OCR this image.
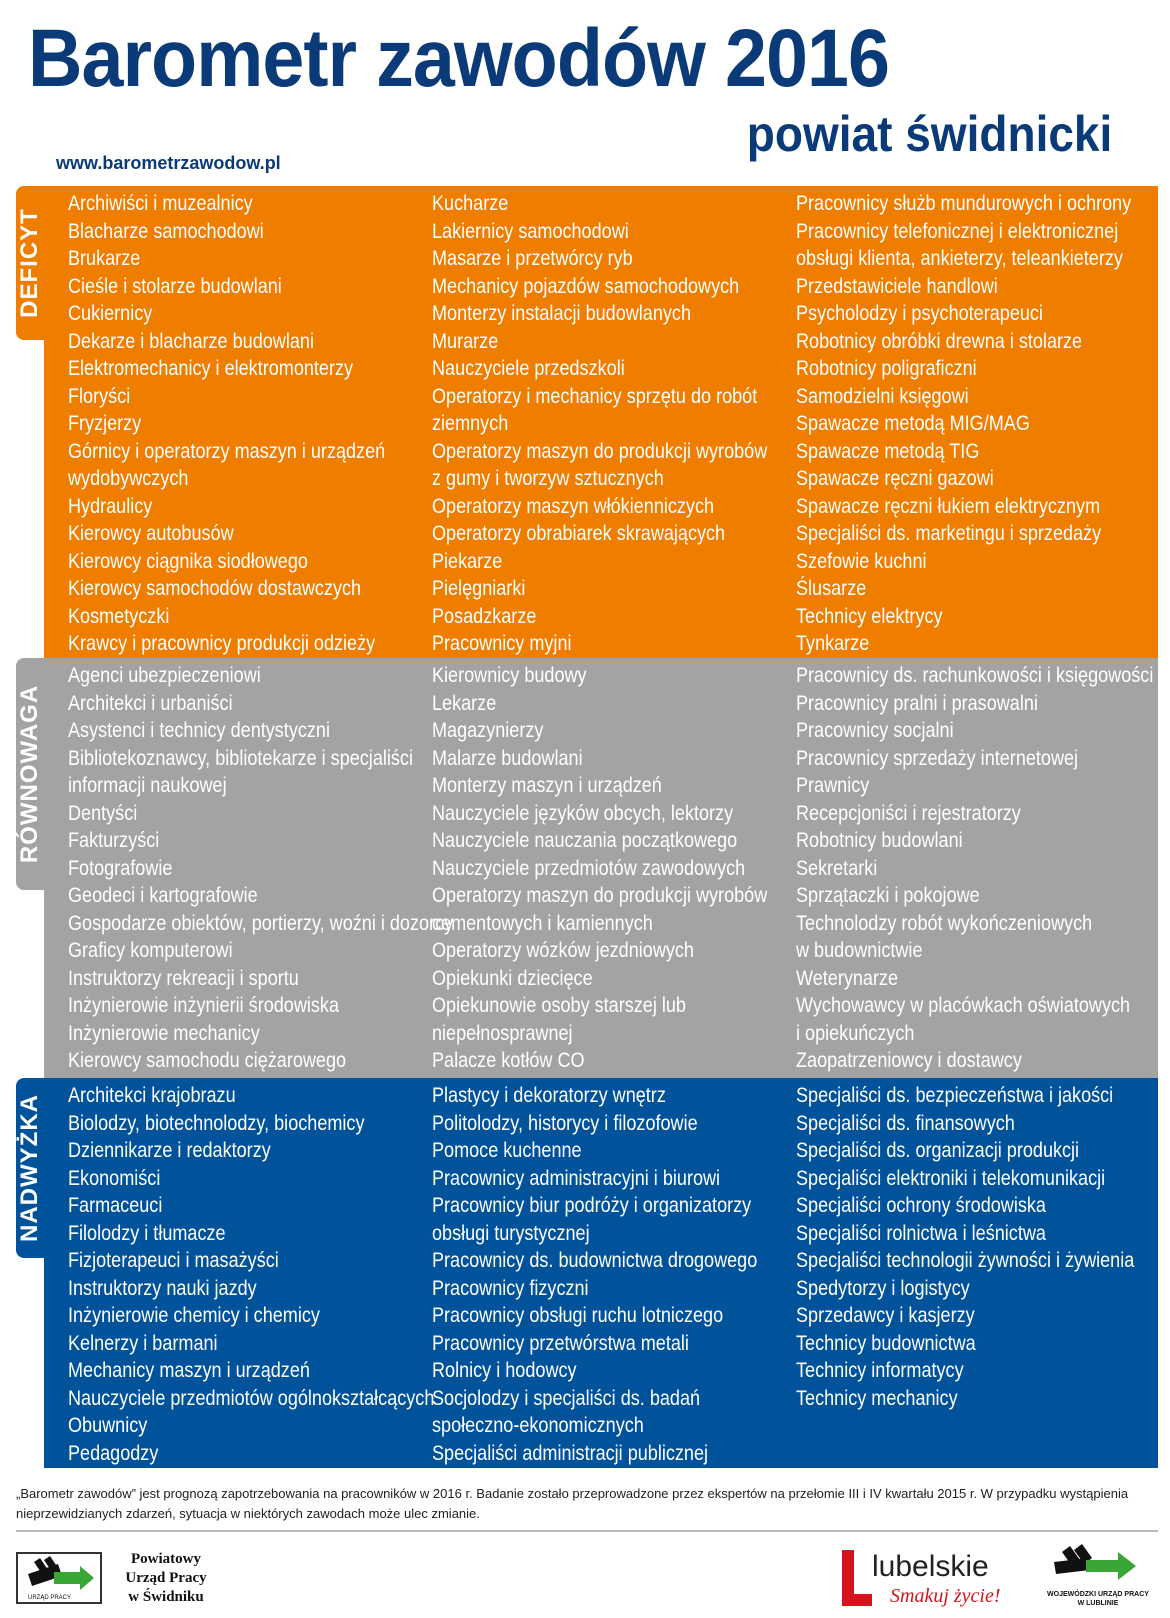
Barometr zawodów 2016
powiat świdnicki
www.barometrzawodow.pl
DEFICYT
RÓWNOWAGA
NADWYŻKA
Archiwiści i muzealnicy
Blacharze samochodowi
Brukarze
Cieśle i stolarze budowlani
Cukiernicy
Dekarze i blacharze budowlani
Elektromechanicy i elektromonterzy
Floryści
Fryzjerzy
Górnicy i operatorzy maszyn i urządzeń
wydobywczych
Hydraulicy
Kierowcy autobusów
Kierowcy ciągnika siodłowego
Kierowcy samochodów dostawczych
Kosmetyczki
Krawcy i pracownicy produkcji odzieży
Kucharze
Lakiernicy samochodowi
Masarze i przetwórcy ryb
Mechanicy pojazdów samochodowych
Monterzy instalacji budowlanych
Murarze
Nauczyciele przedszkoli
Operatorzy i mechanicy sprzętu do robót
ziemnych
Operatorzy maszyn do produkcji wyrobów
z gumy i tworzyw sztucznych
Operatorzy maszyn włókienniczych
Operatorzy obrabiarek skrawających
Piekarze
Pielęgniarki
Posadzkarze
Pracownicy myjni
Pracownicy służb mundurowych i ochrony
Pracownicy telefonicznej i elektronicznej
obsługi klienta, ankieterzy, teleankieterzy
Przedstawiciele handlowi
Psycholodzy i psychoterapeuci
Robotnicy obróbki drewna i stolarze
Robotnicy poligraficzni
Samodzielni księgowi
Spawacze metodą MIG/MAG
Spawacze metodą TIG
Spawacze ręczni gazowi
Spawacze ręczni łukiem elektrycznym
Specjaliści ds. marketingu i sprzedaży
Szefowie kuchni
Ślusarze
Technicy elektrycy
Tynkarze
Agenci ubezpieczeniowi
Architekci i urbaniści
Asystenci i technicy dentystyczni
Bibliotekoznawcy, bibliotekarze i specjaliści
informacji naukowej
Dentyści
Fakturzyści
Fotografowie
Geodeci i kartografowie
Gospodarze obiektów, portierzy, woźni i dozorcy
Graficy komputerowi
Instruktorzy rekreacji i sportu
Inżynierowie inżynierii środowiska
Inżynierowie mechanicy
Kierowcy samochodu ciężarowego
Kierownicy budowy
Lekarze
Magazynierzy
Malarze budowlani
Monterzy maszyn i urządzeń
Nauczyciele języków obcych, lektorzy
Nauczyciele nauczania początkowego
Nauczyciele przedmiotów zawodowych
Operatorzy maszyn do produkcji wyrobów
cementowych i kamiennych
Operatorzy wózków jezdniowych
Opiekunki dziecięce
Opiekunowie osoby starszej lub
niepełnosprawnej
Palacze kotłów CO
Pracownicy ds. rachunkowości i księgowości
Pracownicy pralni i prasowalni
Pracownicy socjalni
Pracownicy sprzedaży internetowej
Prawnicy
Recepcjoniści i rejestratorzy
Robotnicy budowlani
Sekretarki
Sprzątaczki i pokojowe
Technolodzy robót wykończeniowych
w budownictwie
Weterynarze
Wychowawcy w placówkach oświatowych
i opiekuńczych
Zaopatrzeniowcy i dostawcy
Architekci krajobrazu
Biolodzy, biotechnolodzy, biochemicy
Dziennikarze i redaktorzy
Ekonomiści
Farmaceuci
Filolodzy i tłumacze
Fizjoterapeuci i masażyści
Instruktorzy nauki jazdy
Inżynierowie chemicy i chemicy
Kelnerzy i barmani
Mechanicy maszyn i urządzeń
Nauczyciele przedmiotów ogólnokształcących
Obuwnicy
Pedagodzy
Plastycy i dekoratorzy wnętrz
Politolodzy, historycy i filozofowie
Pomoce kuchenne
Pracownicy administracyjni i biurowi
Pracownicy biur podróży i organizatorzy
obsługi turystycznej
Pracownicy ds. budownictwa drogowego
Pracownicy fizyczni
Pracownicy obsługi ruchu lotniczego
Pracownicy przetwórstwa metali
Rolnicy i hodowcy
Socjolodzy i specjaliści ds. badań
społeczno-ekonomicznych
Specjaliści administracji publicznej
Specjaliści ds. bezpieczeństwa i jakości
Specjaliści ds. finansowych
Specjaliści ds. organizacji produkcji
Specjaliści elektroniki i telekomunikacji
Specjaliści ochrony środowiska
Specjaliści rolnictwa i leśnictwa
Specjaliści technologii żywności i żywienia
Spedytorzy i logistycy
Sprzedawcy i kasjerzy
Technicy budownictwa
Technicy informatycy
Technicy mechanicy
„Barometr zawodów” jest prognozą zapotrzebowania na pracowników w 2016 r. Badanie zostało przeprowadzone przez ekspertów na przełomie III i IV kwartału 2015 r. W przypadku wystąpienia nieprzewidzianych zdarzeń, sytuacja w niektórych zawodach może ulec zmianie.
URZĄD PRACY
Powiatowy
Urząd Pracy
w Świdniku
lubelskie
Smakuj życie!	WOJEWÓDZKI URZĄD PRACY
W LUBLINIE
